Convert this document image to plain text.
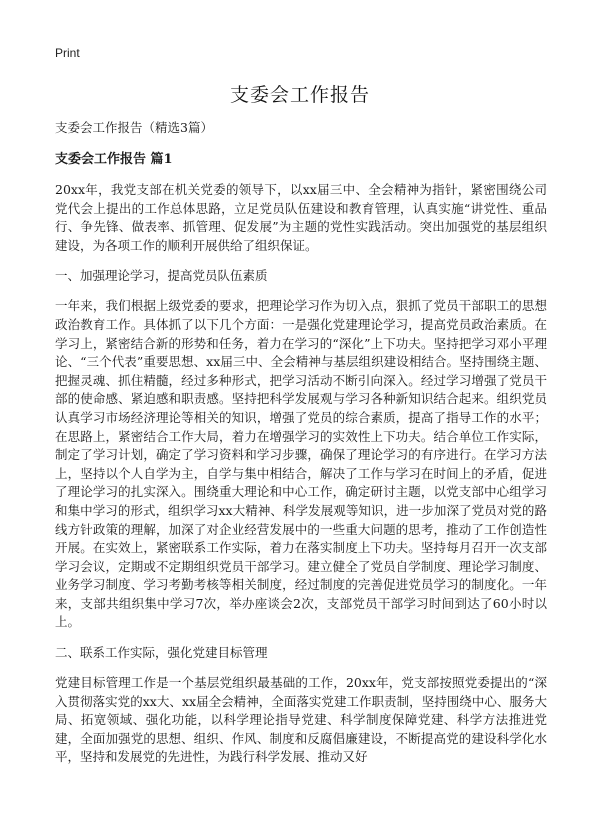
Print
支委会工作报告

支委会工作报告（精选3篇）

支委会工作报告 篇1

20xx年，我党支部在机关党委的领导下，以xx届三中、全会精神为指针，紧密围绕公司党代会上提出的工作总体思路，立足党员队伍建设和教育管理，认真实施“讲党性、重品行、争先锋、做表率、抓管理、促发展”为主题的党性实践活动。突出加强党的基层组织建设，为各项工作的顺利开展供给了组织保证。

一、加强理论学习，提高党员队伍素质

一年来，我们根据上级党委的要求，把理论学习作为切入点，狠抓了党员干部职工的思想政治教育工作。具体抓了以下几个方面：一是强化党建理论学习，提高党员政治素质。在学习上，紧密结合新的形势和任务，着力在学习的“深化”上下功夫。坚持把学习邓小平理论、“三个代表”重要思想、xx届三中、全会精神与基层组织建设相结合。坚持围绕主题、把握灵魂、抓住精髓，经过多种形式，把学习活动不断引向深入。经过学习增强了党员干部的使命感、紧迫感和职责感。坚持把科学发展观与学习各种新知识结合起来。组织党员认真学习市场经济理论等相关的知识，增强了党员的综合素质，提高了指导工作的水平；在思路上，紧密结合工作大局，着力在增强学习的实效性上下功夫。结合单位工作实际，制定了学习计划，确定了学习资料和学习步骤，确保了理论学习的有序进行。在学习方法上，坚持以个人自学为主，自学与集中相结合，解决了工作与学习在时间上的矛盾，促进了理论学习的扎实深入。围绕重大理论和中心工作，确定研讨主题，以党支部中心组学习和集中学习的形式，组织学习xx大精神、科学发展观等知识，进一步加深了党员对党的路线方针政策的理解，加深了对企业经营发展中的一些重大问题的思考，推动了工作创造性开展。在实效上，紧密联系工作实际，着力在落实制度上下功夫。坚持每月召开一次支部学习会议，定期或不定期组织党员干部学习。建立健全了党员自学制度、理论学习制度、业务学习制度、学习考勤考核等相关制度，经过制度的完善促进党员学习的制度化。一年来，支部共组织集中学习7次，举办座谈会2次，支部党员干部学习时间到达了60小时以上。

二、联系工作实际，强化党建目标管理

党建目标管理工作是一个基层党组织最基础的工作，20xx年，党支部按照党委提出的“深入贯彻落实党的xx大、xx届全会精神，全面落实党建工作职责制，坚持围绕中心、服务大局、拓宽领域、强化功能，以科学理论指导党建、科学制度保障党建、科学方法推进党建，全面加强党的思想、组织、作风、制度和反腐倡廉建设，不断提高党的建设科学化水平，坚持和发展党的先进性，为践行科学发展、推动又好
